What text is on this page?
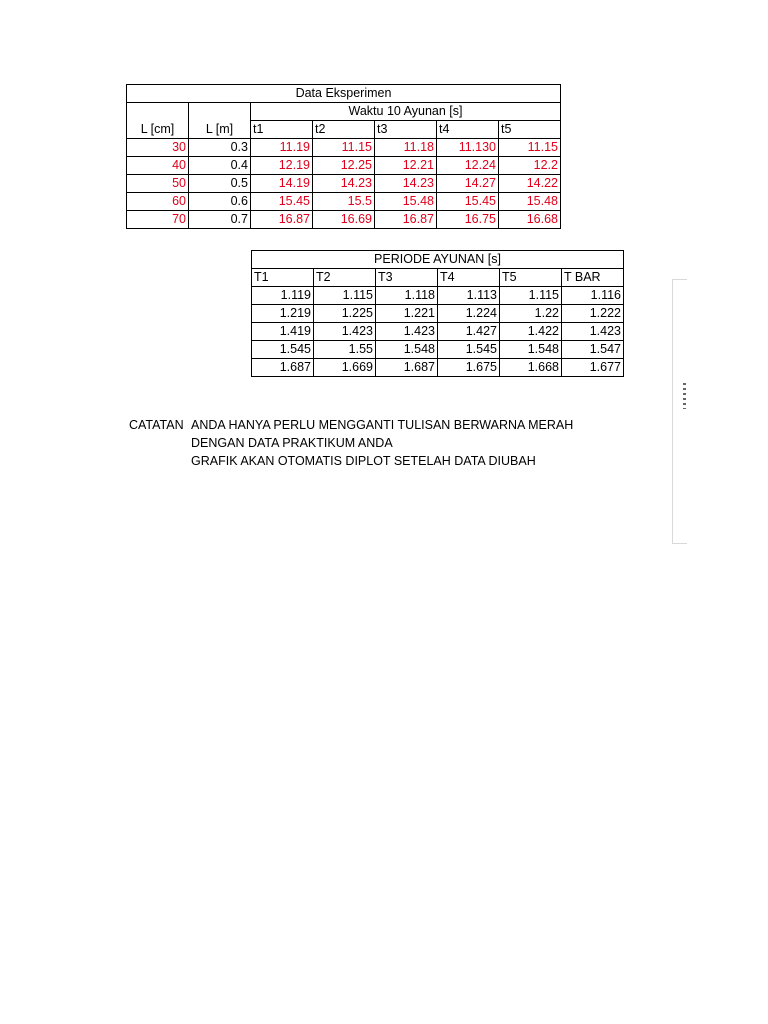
Data Eksperimen						
L [cm]	L [m]	Waktu 10 Ayunan [s]				
		t1	t2	t3	t4	t5
30	0.3	11.19	11.15	11.18	11.130	11.15
40	0.4	12.19	12.25	12.21	12.24	12.2
50	0.5	14.19	14.23	14.23	14.27	14.22
60	0.6	15.45	15.5	15.48	15.45	15.48
70	0.7	16.87	16.69	16.87	16.75	16.68
PERIODE AYUNAN [s]					
T1	T2	T3	T4	T5	T BAR
1.119	1.115	1.118	1.113	1.115	1.116
1.219	1.225	1.221	1.224	1.22	1.222
1.419	1.423	1.423	1.427	1.422	1.423
1.545	1.55	1.548	1.545	1.548	1.547
1.687	1.669	1.687	1.675	1.668	1.677
CATATAN ANDA HANYA PERLU MENGGANTI TULISAN BERWARNA MERAH
DENGAN DATA PRAKTIKUM ANDA
GRAFIK AKAN OTOMATIS DIPLOT SETELAH DATA DIUBAH
